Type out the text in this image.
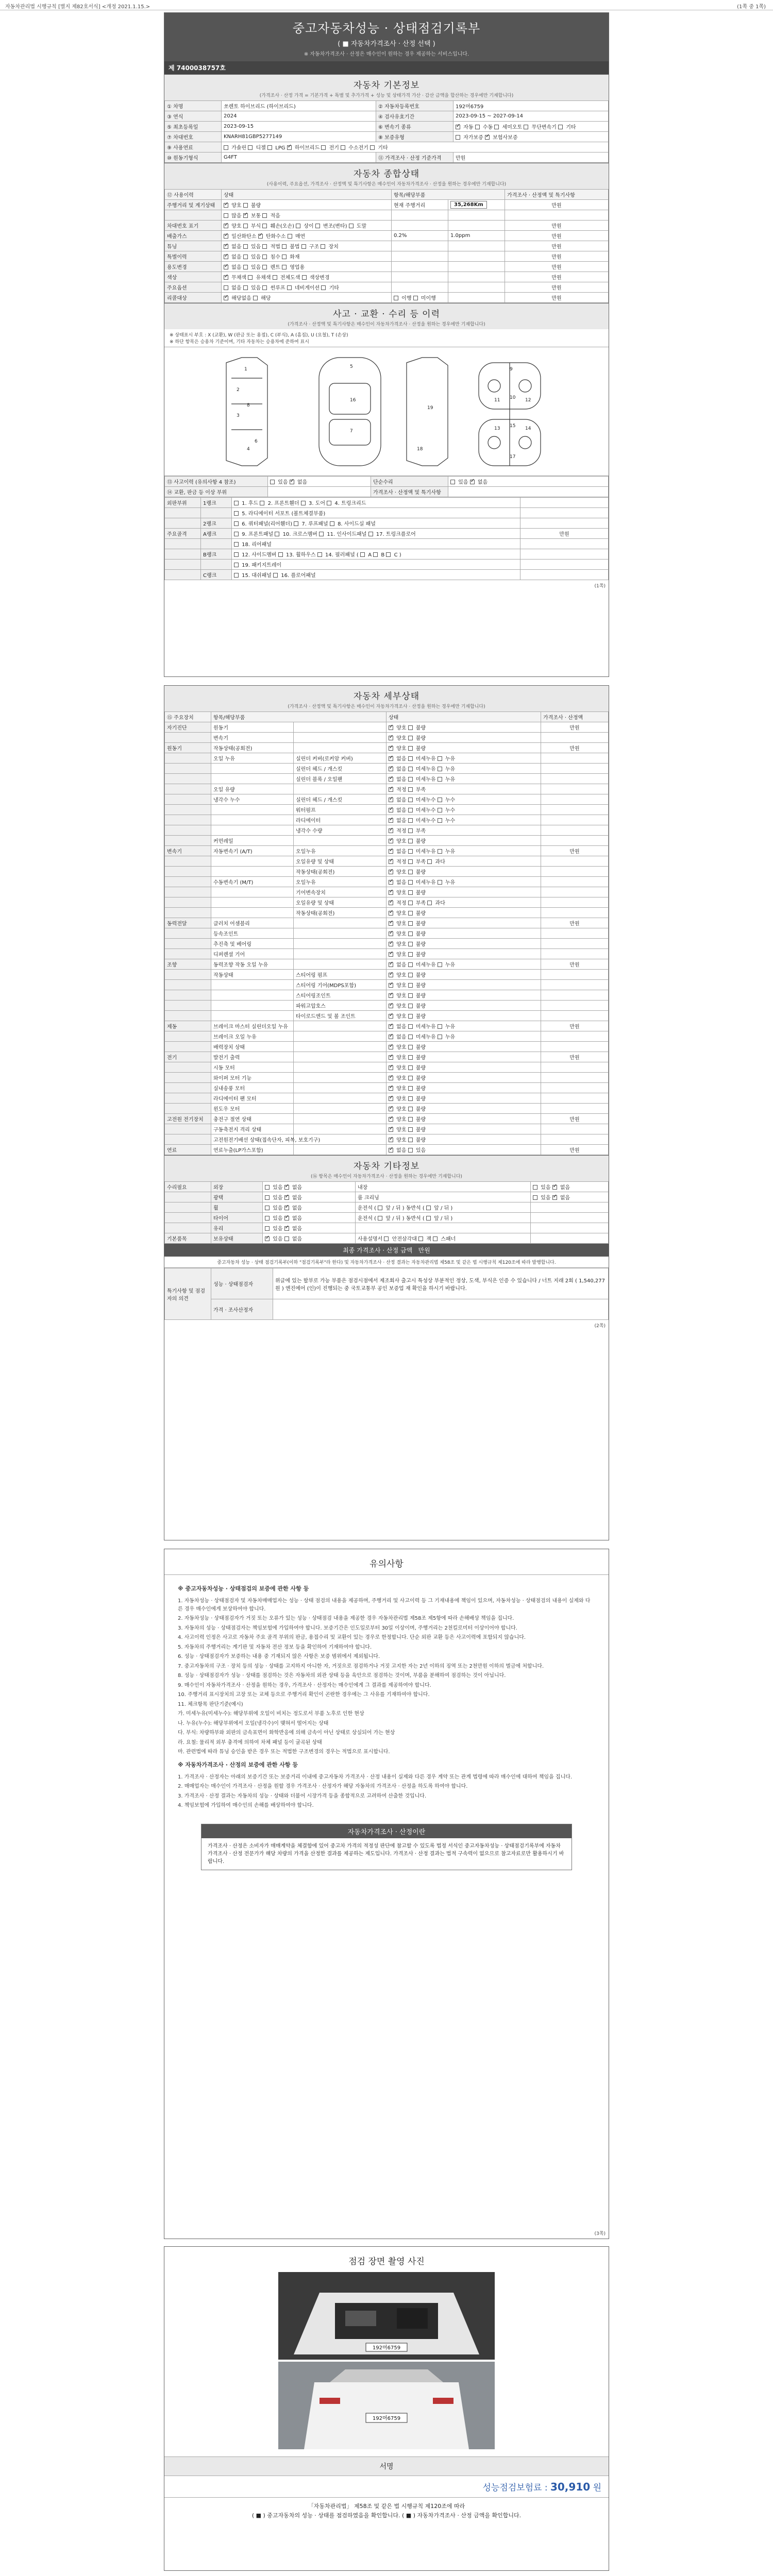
자동차관리법 시행규칙 [별지 제82호서식] <개정 2021.1.15.>	(1쪽 중 1쪽)
중고자동차성능 · 상태점검기록부
( ■ 자동차가격조사 · 산정 선택 )
※ 자동차가격조사 · 산정은 매수인이 원하는 경우 제공하는 서비스입니다.
제 7400038757호
자동차 기본정보
(가격조사 · 산정 가격 = 기본가격 + 특별 및 추가가격 + 성능 및 상태가격 가산 · 감산 금액을 합산하는 경우에만 기재합니다)
① 차명	쏘렌토 하이브리드 (하이브리드)	② 자동차등록번호	192머6759
③ 연식	2024	④ 검사유효기간	2023-09-15 ~ 2027-09-14
⑤ 최초등록일	2023-09-15	⑥ 변속기 종류	✓ 자동  수동  세미오토  무단변속기  기타
⑦ 차대번호	KNARH81GBP5277149	⑧ 보증유형	자가보증 ✓ 보험사보증
⑨ 사용연료	가솔린  디젤  LPG ✓ 하이브리드  전기  수소전기  기타
⑩ 원동기형식	G4FT	⑪ 가격조사 · 산정 기준가격	만원
자동차 종합상태
(사용이력, 주요옵션, 가격조사 · 산정액 및 특기사항은 매수인이 자동차가격조사 · 산정을 원하는 경우에만 기재합니다)
⑫ 사용이력	상태	항목/해당부품		가격조사 · 산정액 및 특기사항
주행거리 및 계기상태	✓ 양호  불량	현재 주행거리	35,268Km	만원
	많음 ✓ 보통  적음			
차대번호 표기	✓ 양호  부식  훼손(오손)  상이  변조(변타)  도말			만원
배출가스	✓ 일산화탄소 ✓ 탄화수소  매연	0.2%	1.0ppm	만원
튜닝	✓ 없음  있음  적법  불법  구조  장치			만원
특별이력	✓ 없음  있음  침수  화재			만원
용도변경	✓ 없음  있음  렌트  영업용			만원
색상	✓ 무채색  유채색  전체도색  색상변경			만원
주요옵션	없음  있음  썬루프  네비게이션  기타			만원
리콜대상	✓ 해당없음  해당	이행  미이행		만원
사고 · 교환 · 수리 등 이력
(가격조사 · 산정액 및 특기사항은 매수인이 자동차가격조사 · 산정을 원하는 경우에만 기재합니다)
※ 상태표시 부호 : X (교환), W (판금 또는 용접), C (부식), A (흠집), U (요철), T (손상)
※ 하단 항목은 승용차 기준이며, 기타 자동차는 승용차에 준하여 표시
1
2
3
4
5
6
7
8
9
10
11	12
13	14
15
16
17
18
19
⑬ 사고이력 (유의사항 4 참조)	있음 ✓ 없음	단순수리	있음 ✓ 없음
⑭ 교환, 판금 등 이상 부위		가격조사 · 산정액 및 특기사항	
외판부위	1랭크	1. 후드  2. 프론트휀더  3. 도어  4. 트렁크리드	
		5. 라디에이터 서포트 (볼트체결부품)	
	2랭크	6. 쿼터패널(리어휀더)  7. 루프패널  8. 사이드실 패널	
주요골격	A랭크	9. 프론트패널  10. 크로스멤버  11. 인사이드패널  17. 트렁크플로어	만원
		18. 리어패널	
	B랭크	12. 사이드멤버  13. 휠하우스  14. 필러패널 (  A  B  C )	
		19. 패키지트레이	
	C랭크	15. 대쉬패널  16. 플로어패널	
(1쪽)
자동차 세부상태
(가격조사 · 산정액 및 특기사항은 매수인이 자동차가격조사 · 산정을 원하는 경우에만 기재합니다)
⑮ 주요장치	항목/해당부품		상태	가격조사 · 산정액
자기진단	원동기		✓ 양호  불량	만원
	변속기		✓ 양호  불량	
원동기	작동상태(공회전)		✓ 양호  불량	만원
	오일 누유	실린더 커버(로커암 커버)	✓ 없음  미세누유  누유	
		실린더 헤드 / 개스킷	✓ 없음  미세누유  누유	
		실린더 블록 / 오일팬	✓ 없음  미세누유  누유	
	오일 유량		✓ 적정  부족	
	냉각수 누수	실린더 헤드 / 개스킷	✓ 없음  미세누수  누수	
		워터펌프	✓ 없음  미세누수  누수	
		라디에이터	✓ 없음  미세누수  누수	
		냉각수 수량	✓ 적정  부족	
	커먼레일		✓ 양호  불량	
변속기	자동변속기 (A/T)	오일누유	✓ 없음  미세누유  누유	만원
		오일유량 및 상태	✓ 적정  부족  과다	
		작동상태(공회전)	✓ 양호  불량	
	수동변속기 (M/T)	오일누유	✓ 없음  미세누유  누유	
		기어변속장치	✓ 양호  불량	
		오일유량 및 상태	✓ 적정  부족  과다	
		작동상태(공회전)	✓ 양호  불량	
동력전달	클러치 어셈블리		✓ 양호  불량	만원
	등속조인트		✓ 양호  불량	
	추진축 및 베어링		✓ 양호  불량	
	디퍼렌셜 기어		✓ 양호  불량	
조향	동력조향 작동 오일 누유		✓ 없음  미세누유  누유	만원
	작동상태	스티어링 펌프	✓ 양호  불량	
		스티어링 기어(MDPS포함)	✓ 양호  불량	
		스티어링조인트	✓ 양호  불량	
		파워고압호스	✓ 양호  불량	
		타이로드엔드 및 볼 조인트	✓ 양호  불량	
제동	브레이크 마스터 실린더오일 누유		✓ 없음  미세누유  누유	만원
	브레이크 오일 누유		✓ 없음  미세누유  누유	
	배력장치 상태		✓ 양호  불량	
전기	발전기 출력		✓ 양호  불량	만원
	시동 모터		✓ 양호  불량	
	와이퍼 모터 기능		✓ 양호  불량	
	실내송풍 모터		✓ 양호  불량	
	라디에이터 팬 모터		✓ 양호  불량	
	윈도우 모터		✓ 양호  불량	
고전원 전기장치	충전구 절연 상태		✓ 양호  불량	만원
	구동축전지 격리 상태		✓ 양호  불량	
	고전원전기배선 상태(접속단자, 피복, 보호기구)		✓ 양호  불량	
연료	연료누출(LP가스포함)		✓ 없음  있음	만원
자동차 기타정보
(⑯ 항목은 매수인이 자동차가격조사 · 산정을 원하는 경우에만 기재합니다)
수리필요	외장	있음 ✓ 없음	내장	있음 ✓ 없음
	광택	있음 ✓ 없음	룸 크리닝	있음 ✓ 없음
	휠	있음 ✓ 없음	운전석 (  앞 / 뒤 ) 동반석 (  앞 / 뒤 )	
	타이어	있음 ✓ 없음	운전석 (  앞 / 뒤 ) 동반석 (  앞 / 뒤 )	
	유리	있음 ✓ 없음		
기본품목	보유상태	✓ 있음  없음	사용설명서  안전삼각대  잭  스패너	
최종 가격조사 · 산정 금액 만원
중고자동차 성능 · 상태 점검기록부(이하 "점검기록부"라 한다) 및 자동차가격조사 · 산정 결과는 자동차관리법 제58조 및 같은 법 시행규칙 제120조에 따라 발행합니다.
특기사항 및 점검자의 의견	성능 · 상태점검자	위글에 있는 할부로 가능 부품은 점검시점에서 제조회사 출고시 특성상 부분적인 정상, 도색, 부식은 인증 수 있습니다 / 너트 지래 2회 ( 1,540,277원 ) 엔진에어 (인)이 진행되는 중 국토교통부 공인 보증업 재 확인을 하시기 바랍니다.
	가격 · 조사산정자	
(2쪽)
유의사항
※ 중고자동차성능 · 상태점검의 보증에 관한 사항 등

1. 자동차성능 · 상태점검자 및 자동차매매업자는 성능 · 상태 점검의 내용을 제공하며, 주행거리 및 사고이력 등 그 기재내용에 책임이 있으며, 자동차성능 · 상태점검의 내용이 실제와 다른 경우 매수인에게 보상하여야 합니다.

2. 자동차성능 · 상태점검자가 거짓 또는 오류가 있는 성능 · 상태점검 내용을 제공한 경우 자동차관리법 제58조 제5항에 따라 손해배상 책임을 집니다.

3. 자동차의 성능 · 상태점검자는 책임보험에 가입하여야 합니다. 보증기간은 인도일로부터 30일 이상이며, 주행거리는 2천킬로미터 이상이어야 합니다.

4. 사고이력 인정은 사고로 자동차 주요 골격 부위의 판금, 용접수리 및 교환이 있는 경우로 한정합니다. 단순 외판 교환 등은 사고이력에 포함되지 않습니다.

5. 자동차의 주행거리는 계기판 및 자동차 전산 정보 등을 확인하여 기재하여야 합니다.

6. 성능 · 상태점검자가 보증하는 내용 중 기재되지 않은 사항은 보증 범위에서 제외됩니다.

7. 중고자동차의 구조 · 장치 등의 성능 · 상태를 고지하지 아니한 자, 거짓으로 점검하거나 거짓 고지한 자는 2년 이하의 징역 또는 2천만원 이하의 벌금에 처합니다.

8. 성능 · 상태점검자가 성능 · 상태를 점검하는 것은 자동차의 외관 상태 등을 육안으로 점검하는 것이며, 부품을 분해하여 점검하는 것이 아닙니다.

9. 매수인이 자동차가격조사 · 산정을 원하는 경우, 가격조사 · 산정자는 매수인에게 그 결과를 제공하여야 합니다.

10. 주행거리 표시장치의 고장 또는 교체 등으로 주행거리 확인이 곤란한 경우에는 그 사유를 기재하여야 합니다.

11. 체크항목 판단기준(예시)

가. 미세누유(미세누수): 해당부위에 오일이 비치는 정도로서 부품 노후로 인한 현상

나. 누유(누수): 해당부위에서 오일(냉각수)이 맺혀서 떨어지는 상태

다. 부식: 차량하부와 외판의 금속표면이 화학반응에 의해 금속이 아닌 상태로 상실되어 가는 현상

라. 요철: 물리적 외부 충격에 의하여 차체 패널 등이 굴곡된 상태

마. 관련법에 따라 튜닝 승인을 받은 경우 또는 적법한 구조변경의 경우는 적법으로 표시합니다.

※ 자동차가격조사 · 산정의 보증에 관한 사항 등

1. 가격조사 · 산정자는 아래의 보증기간 또는 보증거리 이내에 중고자동차 가격조사 · 산정 내용이 실제와 다른 경우 계약 또는 관계 법령에 따라 매수인에 대하여 책임을 집니다.

2. 매매업자는 매수인이 가격조사 · 산정을 원할 경우 가격조사 · 산정자가 해당 자동차의 가격조사 · 산정을 하도록 하여야 합니다.

3. 가격조사 · 산정 결과는 자동차의 성능 · 상태와 더불어 시장가격 등을 종합적으로 고려하여 산출한 것입니다.

4. 책임보험에 가입하여 매수인의 손해를 배상하여야 합니다.

자동차가격조사 · 산정이란
가격조사 · 산정은 소비자가 매매계약을 체결함에 있어 중고차 가격의 적정성 판단에 참고할 수 있도록 법정 서식인 중고자동차성능 · 상태점검기록부에 자동차가격조사 · 산정 전문가가 해당 차량의 가격을 산정한 결과를 제공하는 제도입니다. 가격조사 · 산정 결과는 법적 구속력이 없으므로 참고자료로만 활용하시기 바랍니다.
(3쪽)
점검 장면 촬영 사진
192머6759
192머6759
서명
성능점검보험료 : 30,910 원
「자동차관리법」 제58조 및 같은 법 시행규칙 제120조에 따라
( ■ ) 중고자동차의 성능 · 상태를 점검하였음을 확인합니다. ( ■ ) 자동차가격조사 · 산정 금액을 확인합니다.
